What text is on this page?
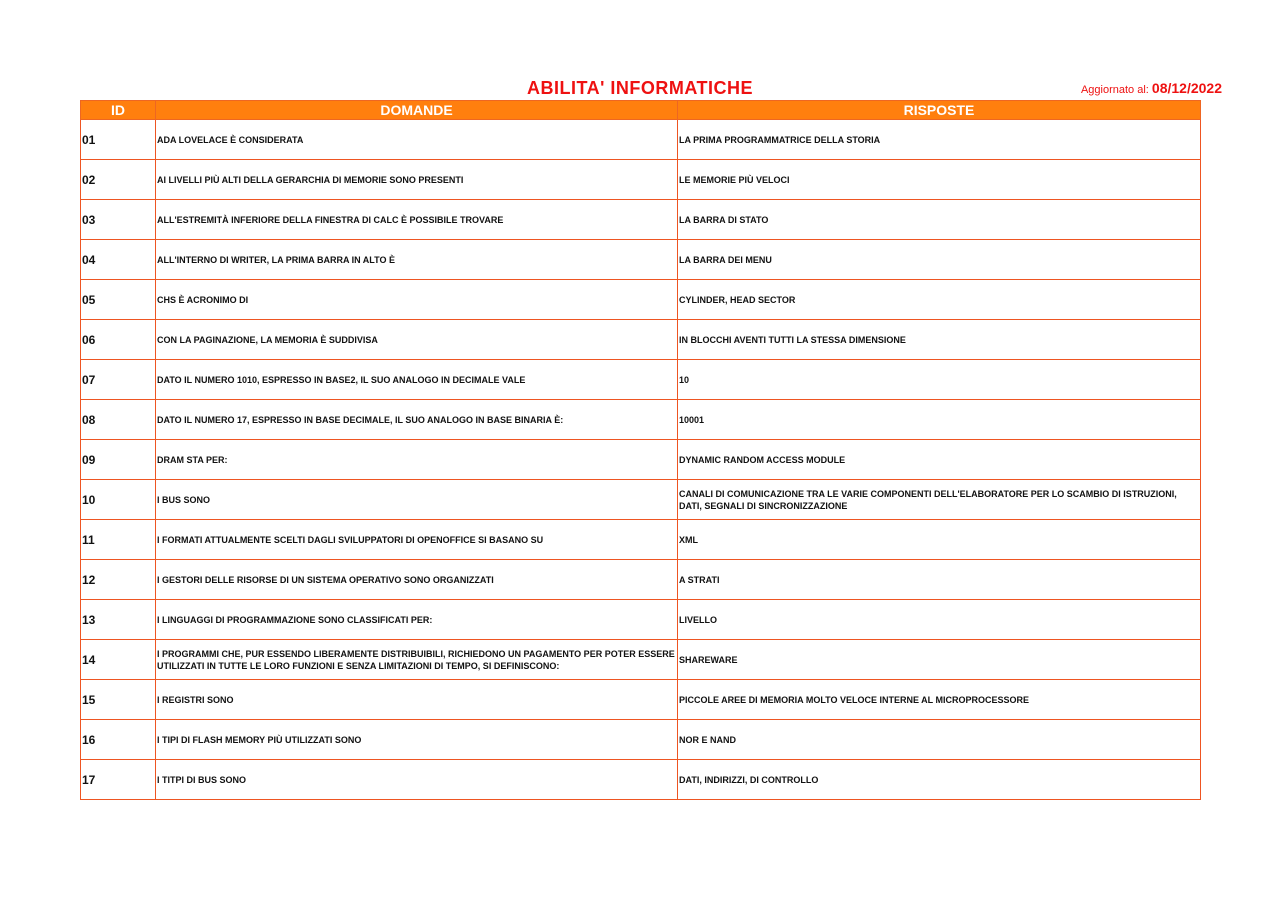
ABILITA' INFORMATICHE	Aggiornato al: 08/12/2022
ID	DOMANDE	RISPOSTE
01	ADA LOVELACE È CONSIDERATA	LA PRIMA PROGRAMMATRICE DELLA STORIA
02	AI LIVELLI PIÙ ALTI DELLA GERARCHIA DI MEMORIE SONO PRESENTI	LE MEMORIE PIÙ VELOCI
03	ALL'ESTREMITÀ INFERIORE DELLA FINESTRA DI CALC È POSSIBILE TROVARE	LA BARRA DI STATO
04	ALL'INTERNO DI WRITER, LA PRIMA BARRA IN ALTO È	LA BARRA DEI MENU
05	CHS È ACRONIMO DI	CYLINDER, HEAD SECTOR
06	CON LA PAGINAZIONE, LA MEMORIA È SUDDIVISA	IN BLOCCHI AVENTI TUTTI LA STESSA DIMENSIONE
07	DATO IL NUMERO 1010, ESPRESSO IN BASE2, IL SUO ANALOGO IN DECIMALE VALE	10
08	DATO IL NUMERO 17, ESPRESSO IN BASE DECIMALE, IL SUO ANALOGO IN BASE BINARIA È:	10001
09	DRAM STA PER:	DYNAMIC RANDOM ACCESS MODULE
10	I BUS SONO	CANALI DI COMUNICAZIONE TRA LE VARIE COMPONENTI DELL'ELABORATORE PER LO SCAMBIO DI ISTRUZIONI, DATI, SEGNALI DI SINCRONIZZAZIONE
11	I FORMATI ATTUALMENTE SCELTI DAGLI SVILUPPATORI DI OPENOFFICE SI BASANO SU	XML
12	I GESTORI DELLE RISORSE DI UN SISTEMA OPERATIVO SONO ORGANIZZATI	A STRATI
13	I LINGUAGGI DI PROGRAMMAZIONE SONO CLASSIFICATI PER:	LIVELLO
14	I PROGRAMMI CHE, PUR ESSENDO LIBERAMENTE DISTRIBUIBILI, RICHIEDONO UN PAGAMENTO PER POTER ESSERE UTILIZZATI IN TUTTE LE LORO FUNZIONI E SENZA LIMITAZIONI DI TEMPO, SI DEFINISCONO:	SHAREWARE
15	I REGISTRI SONO	PICCOLE AREE DI MEMORIA MOLTO VELOCE INTERNE AL MICROPROCESSORE
16	I TIPI DI FLASH MEMORY PIÙ UTILIZZATI SONO	NOR E NAND
17	I TITPI DI BUS SONO	DATI, INDIRIZZI, DI CONTROLLO
